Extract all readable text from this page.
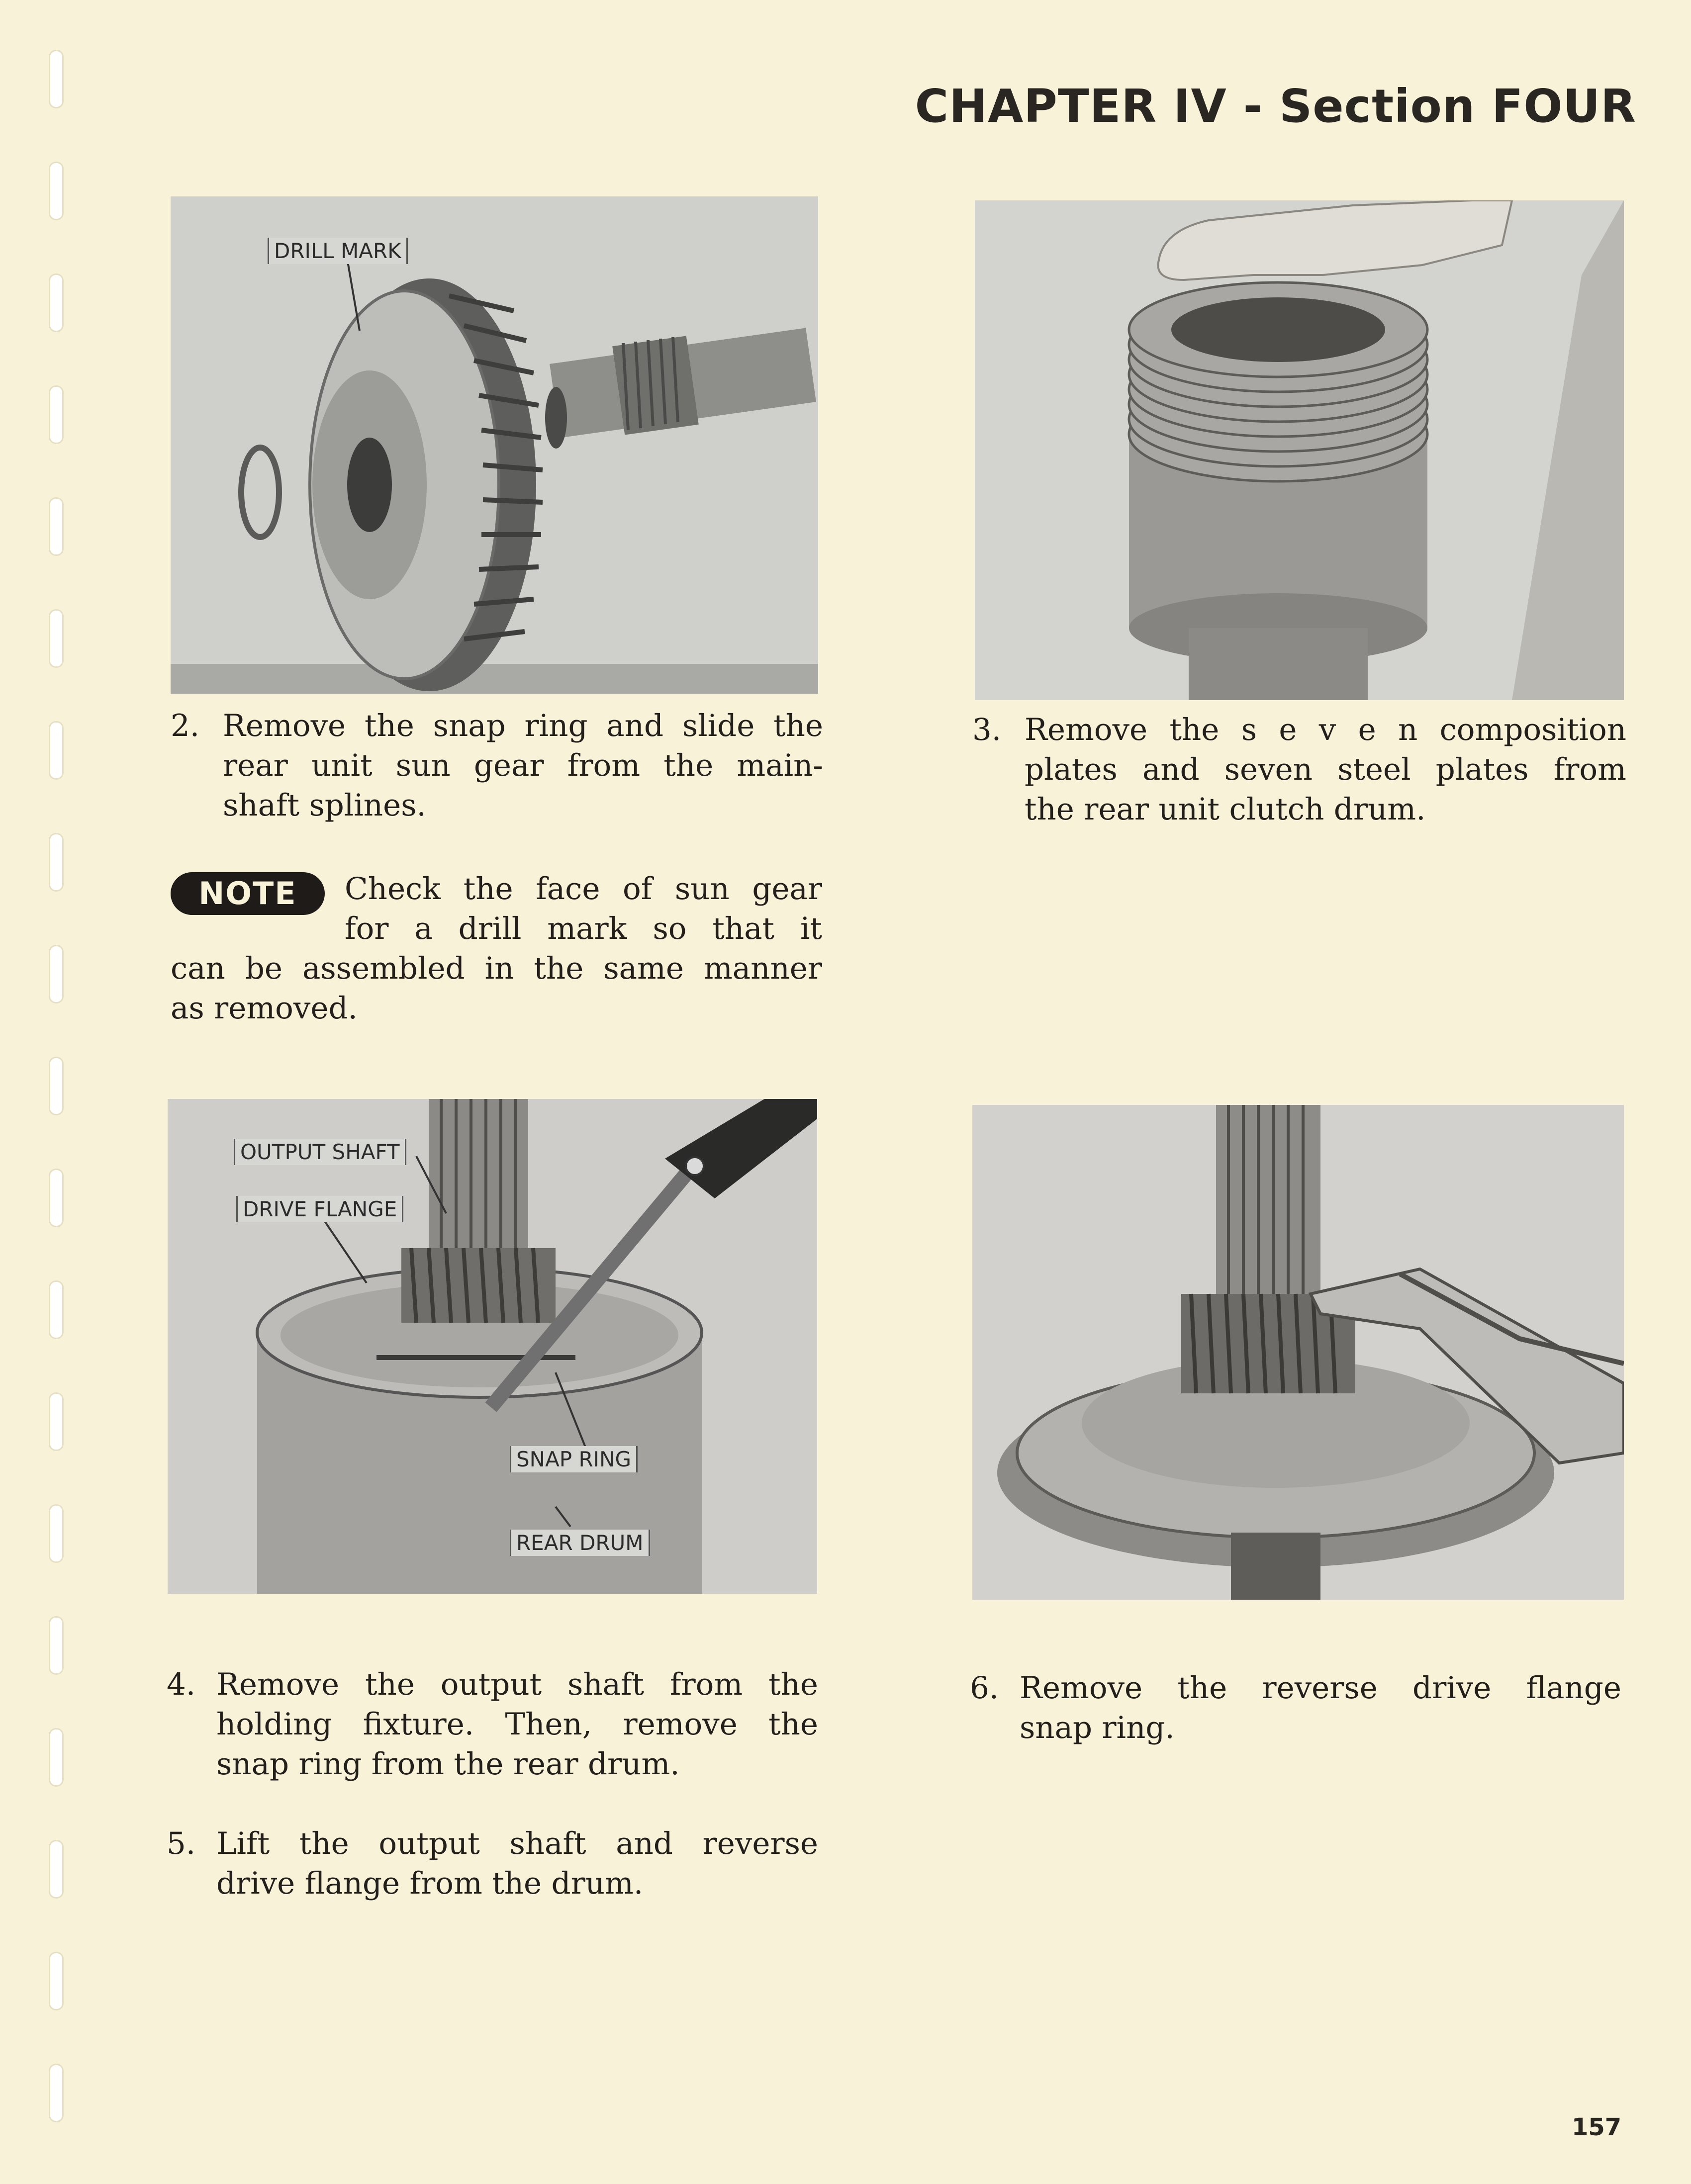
CHAPTER IV - Section FOUR
DRILL MARK
OUTPUT SHAFT
DRIVE FLANGE
SNAP RING
REAR DRUM
2. Remove the snap ring and slide the
rear unit sun gear from the main-
shaft splines.
NOTE	Check the face of sun gear
for a drill mark so that it
can be assembled in the same manner
as removed.
3. Remove the s e v e n composition
plates and seven steel plates from
the rear unit clutch drum.
4. Remove the output shaft from the
holding fixture. Then, remove the
snap ring from the rear drum.
5. Lift the output shaft and reverse
drive flange from the drum.
6. Remove the reverse drive flange
snap ring.
157
